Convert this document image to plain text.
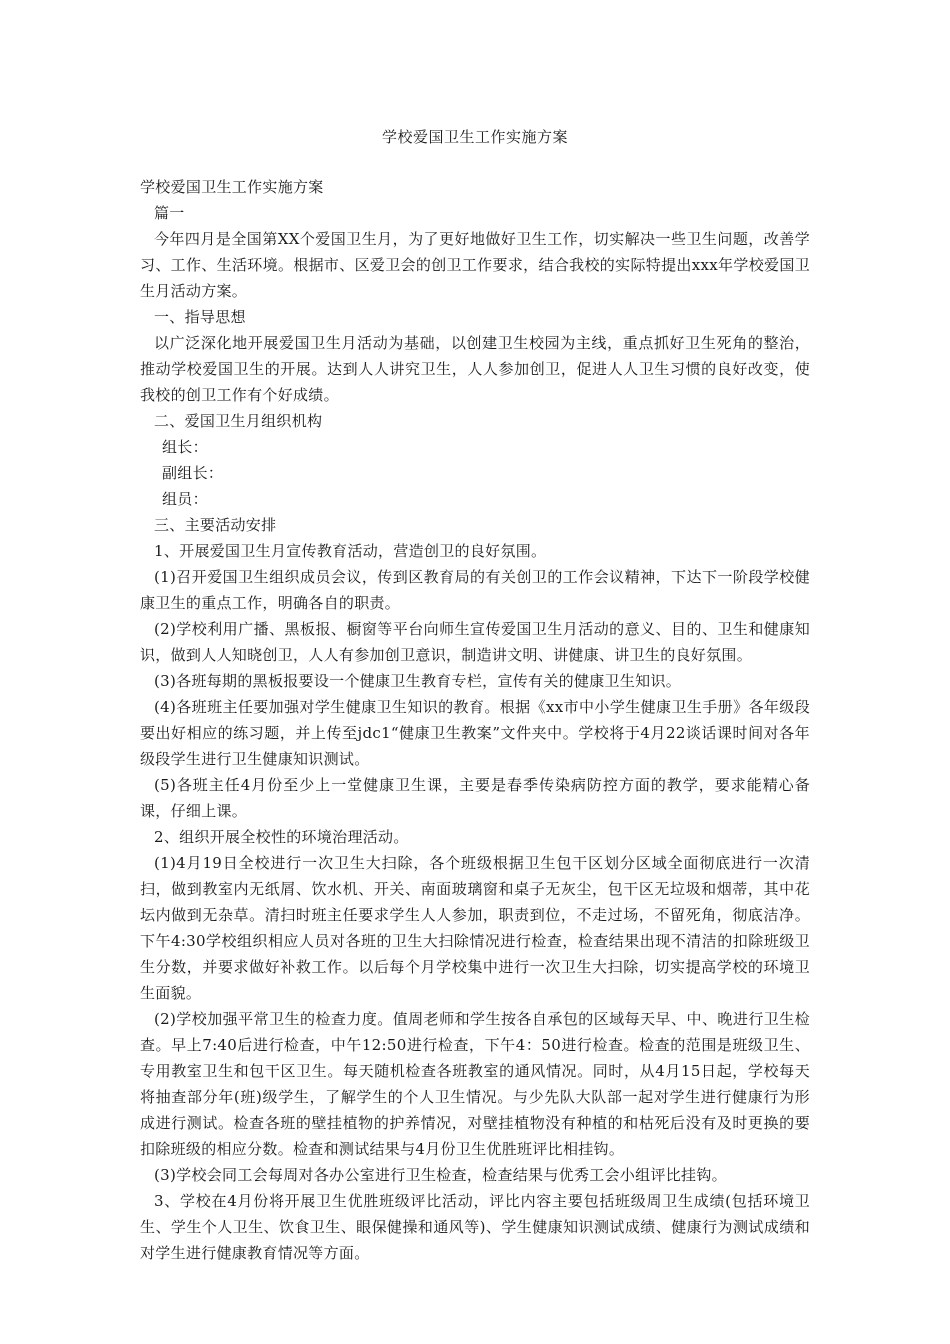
学校爱国卫生工作实施方案

学校爱国卫生工作实施方案

篇一

今年四月是全国第XX个爱国卫生月，为了更好地做好卫生工作，切实解决一些卫生问题，改善学习、工作、生活环境。根据市、区爱卫会的创卫工作要求，结合我校的实际特提出xxx年学校爱国卫生月活动方案。

一、指导思想

以广泛深化地开展爱国卫生月活动为基础，以创建卫生校园为主线，重点抓好卫生死角的整治，推动学校爱国卫生的开展。达到人人讲究卫生，人人参加创卫，促进人人卫生习惯的良好改变，使我校的创卫工作有个好成绩。

二、爱国卫生月组织机构

组长：

副组长：

组员：

三、主要活动安排

1、开展爱国卫生月宣传教育活动，营造创卫的良好氛围。

(1)召开爱国卫生组织成员会议，传到区教育局的有关创卫的工作会议精神，下达下一阶段学校健康卫生的重点工作，明确各自的职责。

(2)学校利用广播、黑板报、橱窗等平台向师生宣传爱国卫生月活动的意义、目的、卫生和健康知识，做到人人知晓创卫，人人有参加创卫意识，制造讲文明、讲健康、讲卫生的良好氛围。

(3)各班每期的黑板报要设一个健康卫生教育专栏，宣传有关的健康卫生知识。

(4)各班班主任要加强对学生健康卫生知识的教育。根据《xx市中小学生健康卫生手册》各年级段要出好相应的练习题，并上传至jdc1“健康卫生教案”文件夹中。学校将于4月22谈话课时间对各年级段学生进行卫生健康知识测试。

(5)各班主任4月份至少上一堂健康卫生课，主要是春季传染病防控方面的教学，要求能精心备课，仔细上课。

2、组织开展全校性的环境治理活动。

(1)4月19日全校进行一次卫生大扫除，各个班级根据卫生包干区划分区域全面彻底进行一次清扫，做到教室内无纸屑、饮水机、开关、南面玻璃窗和桌子无灰尘，包干区无垃圾和烟蒂，其中花坛内做到无杂草。清扫时班主任要求学生人人参加，职责到位，不走过场，不留死角，彻底洁净。下午4:30学校组织相应人员对各班的卫生大扫除情况进行检查，检查结果出现不清洁的扣除班级卫生分数，并要求做好补救工作。以后每个月学校集中进行一次卫生大扫除，切实提高学校的环境卫生面貌。

(2)学校加强平常卫生的检查力度。值周老师和学生按各自承包的区域每天早、中、晚进行卫生检查。早上7:40后进行检查，中午12:50进行检查，下午4：50进行检查。检查的范围是班级卫生、专用教室卫生和包干区卫生。每天随机检查各班教室的通风情况。同时，从4月15日起，学校每天将抽查部分年(班)级学生，了解学生的个人卫生情况。与少先队大队部一起对学生进行健康行为形成进行测试。检查各班的壁挂植物的护养情况，对壁挂植物没有种植的和枯死后没有及时更换的要扣除班级的相应分数。检查和测试结果与4月份卫生优胜班评比相挂钩。

(3)学校会同工会每周对各办公室进行卫生检查，检查结果与优秀工会小组评比挂钩。

3、学校在4月份将开展卫生优胜班级评比活动，评比内容主要包括班级周卫生成绩(包括环境卫生、学生个人卫生、饮食卫生、眼保健操和通风等)、学生健康知识测试成绩、健康行为测试成绩和对学生进行健康教育情况等方面。
